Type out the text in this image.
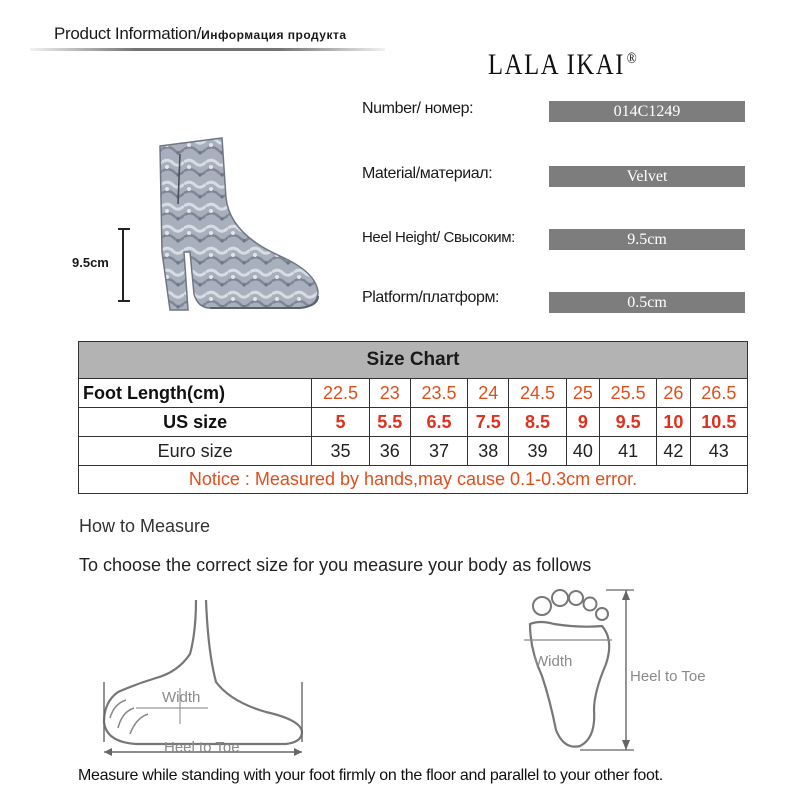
Product Information/Информация продукта
LALA IKAI ®
9.5cm
Number/ номер:	014C1249
Material/материал:	Velvet
Heel Height/ Свысоким:	9.5cm
Platform/платформ:	0.5cm
Size Chart									
Foot Length(cm)	22.5	23	23.5	24	24.5	25	25.5	26	26.5
US size	5	5.5	6.5	7.5	8.5	9	9.5	10	10.5
Euro size	35	36	37	38	39	40	41	42	43
Notice : Measured by hands,may cause 0.1-0.3cm error.									
How to Measure
To choose the correct size for you measure your body as follows
Width
Heel to Toe
Width
Heel to Toe
Measure while standing with your foot firmly on the floor and parallel to your other foot.
